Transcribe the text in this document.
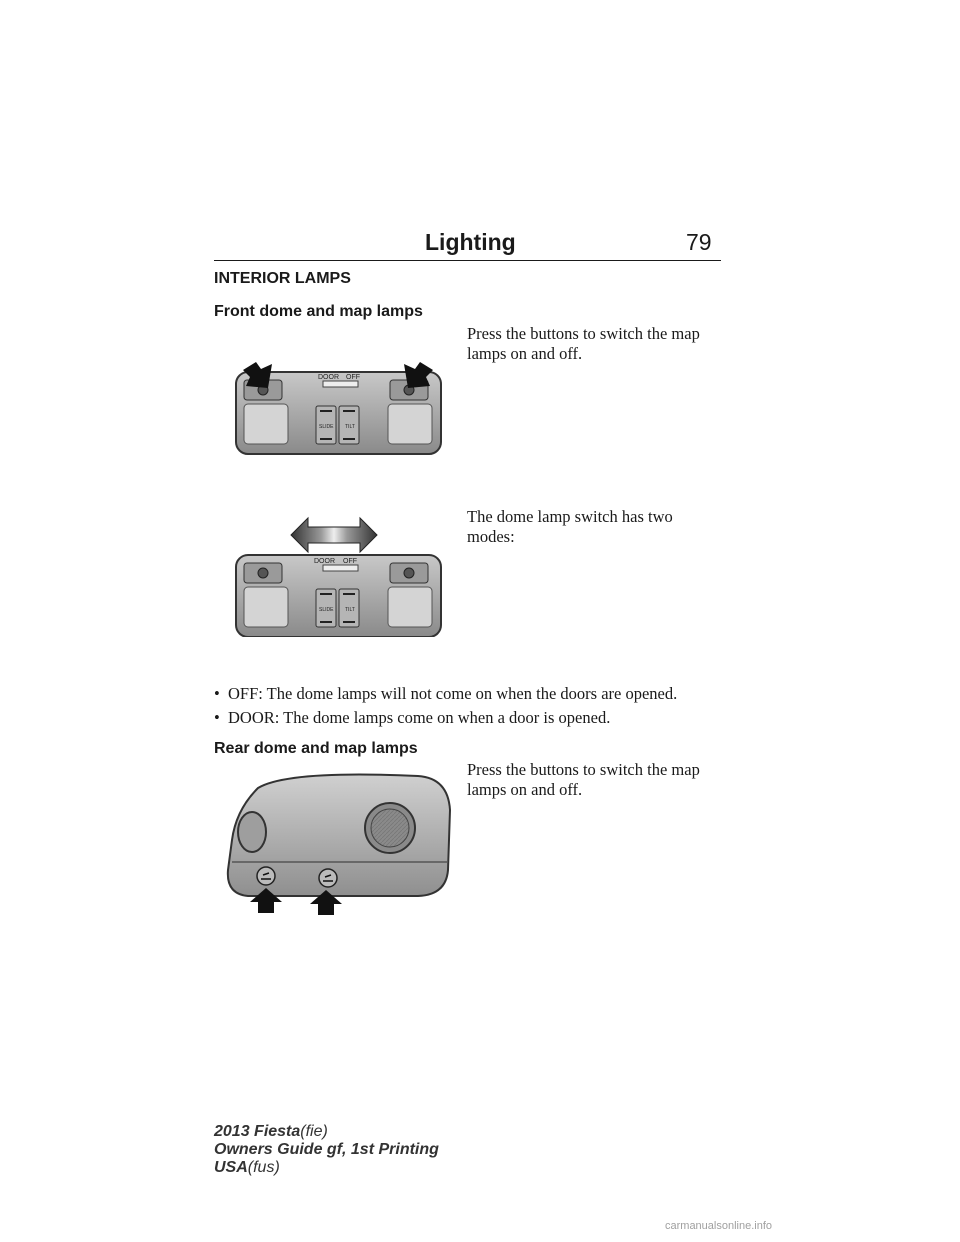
Lighting	79
INTERIOR LAMPS
Front dome and map lamps
DOOR OFF
SLIDE TILT
Press the buttons to switch the map lamps on and off.
DOOR OFF
SLIDE TILT
The dome lamp switch has two modes:
• OFF: The dome lamps will not come on when the doors are opened.
• DOOR: The dome lamps come on when a door is opened.
Rear dome and map lamps
Press the buttons to switch the map lamps on and off.
2013 Fiesta(fie)
Owners Guide gf, 1st Printing
USA(fus)
carmanualsonline.info
